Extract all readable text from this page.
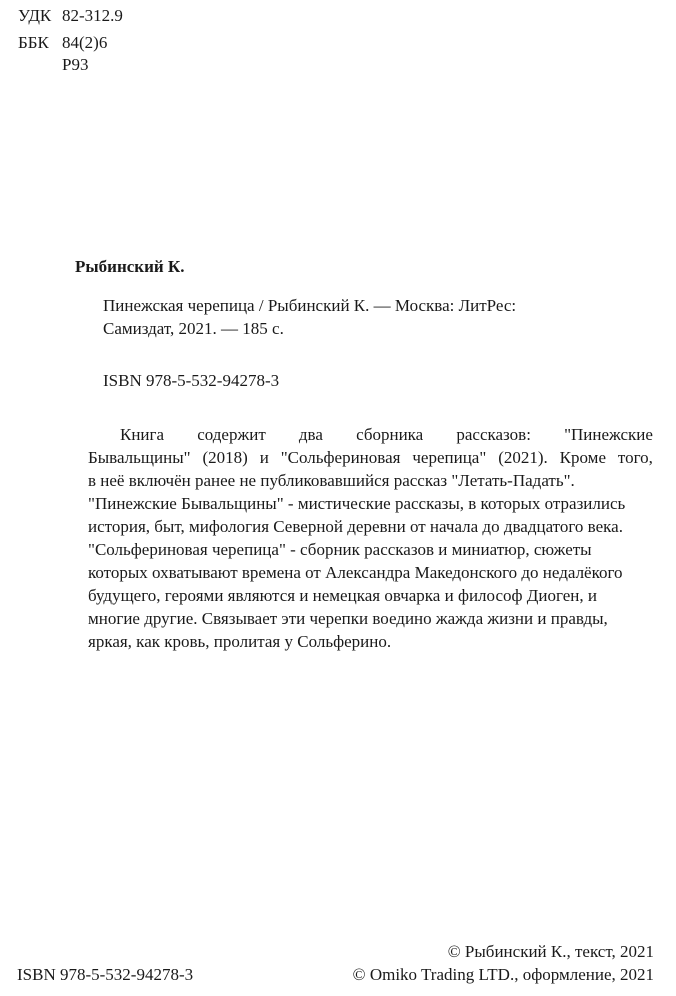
УДК 82-312.9
ББК 84(2)6
Р93
Рыбинский К.
Пинежская черепица / Рыбинский К. — Москва: ЛитРес:
Самиздат, 2021. — 185 с.
ISBN 978-5-532-94278-3
Книга содержит два сборника рассказов: "Пинежские
Бывальщины" (2018) и "Сольфериновая черепица" (2021). Кроме того,
в неё включён ранее не публиковавшийся рассказ "Летать-Падать".
"Пинежские Бывальщины" - мистические рассказы, в которых отразились
история, быт, мифология Северной деревни от начала до двадцатого века.
"Сольфериновая черепица" - сборник рассказов и миниатюр, сюжеты
которых охватывают времена от Александра Македонского до недалёкого
будущего, героями являются и немецкая овчарка и философ Диоген, и
многие другие. Связывает эти черепки воедино жажда жизни и правды,
яркая, как кровь, пролитая у Сольферино.
© Рыбинский К., текст, 2021
ISBN 978-5-532-94278-3	© Omiko Trading LTD., оформление, 2021
